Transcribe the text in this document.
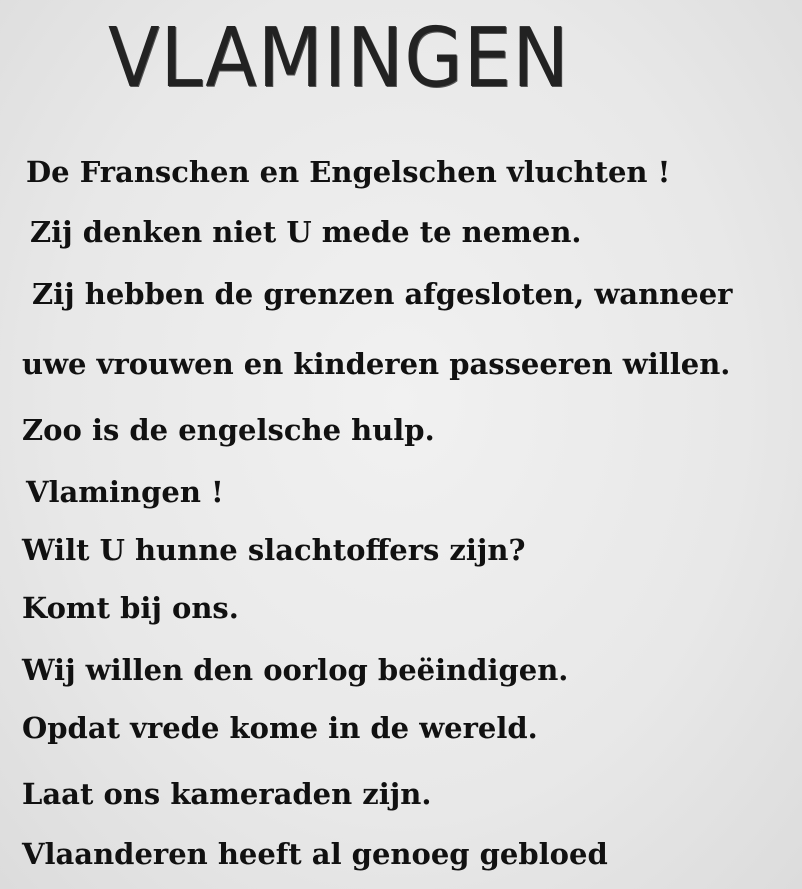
VLAMINGEN
De Franschen en Engelschen vluchten !
Zij denken niet U mede te nemen.
Zij hebben de grenzen afgesloten, wanneer
uwe vrouwen en kinderen passeeren willen.
Zoo is de engelsche hulp.
Vlamingen !
Wilt U hunne slachtoffers zijn?
Komt bij ons.
Wij willen den oorlog beëindigen.
Opdat vrede kome in de wereld.
Laat ons kameraden zijn.
Vlaanderen heeft al genoeg gebloed
